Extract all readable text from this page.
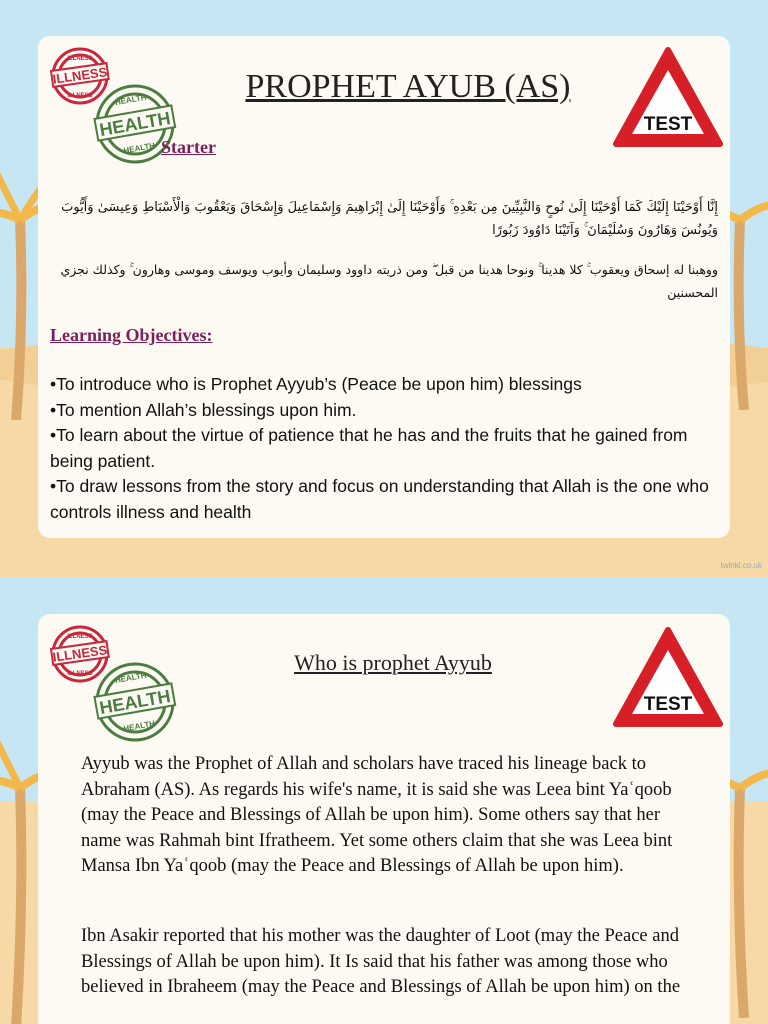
ILLNESS
ILLNESS
ILLNESS
HEALTH
HEALTH
HEALTH
PROPHET AYUB (AS)
TEST
Starter
إِنَّا أَوْحَيْنَا إِلَيْكَ كَمَا أَوْحَيْنَا إِلَىٰ نُوحٍ وَالنَّبِيِّينَ مِن بَعْدِهِ ۚ وَأَوْحَيْنَا إِلَىٰ إِبْرَاهِيمَ وَإِسْمَاعِيلَ وَإِسْحَاقَ وَيَعْقُوبَ وَالْأَسْبَاطِ وَعِيسَىٰ وَأَيُّوبَ وَيُونُسَ وَهَارُونَ وَسُلَيْمَانَ ۚ وَآتَيْنَا دَاوُودَ زَبُورًا
ووهبنا له إسحاق ويعقوب ۚ كلا هدينا ۚ ونوحا هدينا من قبل ۖ ومن ذريته داوود وسليمان وأيوب ويوسف وموسى وهارون ۚ وكذلك نجزي المحسنين
Learning Objectives:
•To introduce who is Prophet Ayyub’s (Peace be upon him) blessings
•To mention Allah’s blessings upon him.
•To learn about the virtue of patience that he has and the fruits that he gained from being patient.
•To draw lessons from the story and focus on understanding that Allah is the one who controls illness and health
twinkl.co.uk
ILLNESS
ILLNESS
ILLNESS
HEALTH
HEALTH
HEALTH
Who is prophet Ayyub
TEST

Ayyub was the Prophet of Allah and scholars have traced his lineage back to Abraham (AS). As regards his wife's name, it is said she was Leea bint Yaʿqoob (may the Peace and Blessings of Allah be upon him). Some others say that her name was Rahmah bint Ifratheem. Yet some others claim that she was Leea bint Mansa Ibn Yaʿqoob (may the Peace and Blessings of Allah be upon him).

Ibn Asakir reported that his mother was the daughter of Loot (may the Peace and Blessings of Allah be upon him). It Is said that his father was among those who believed in Ibraheem (may the Peace and Blessings of Allah be upon him) on the
